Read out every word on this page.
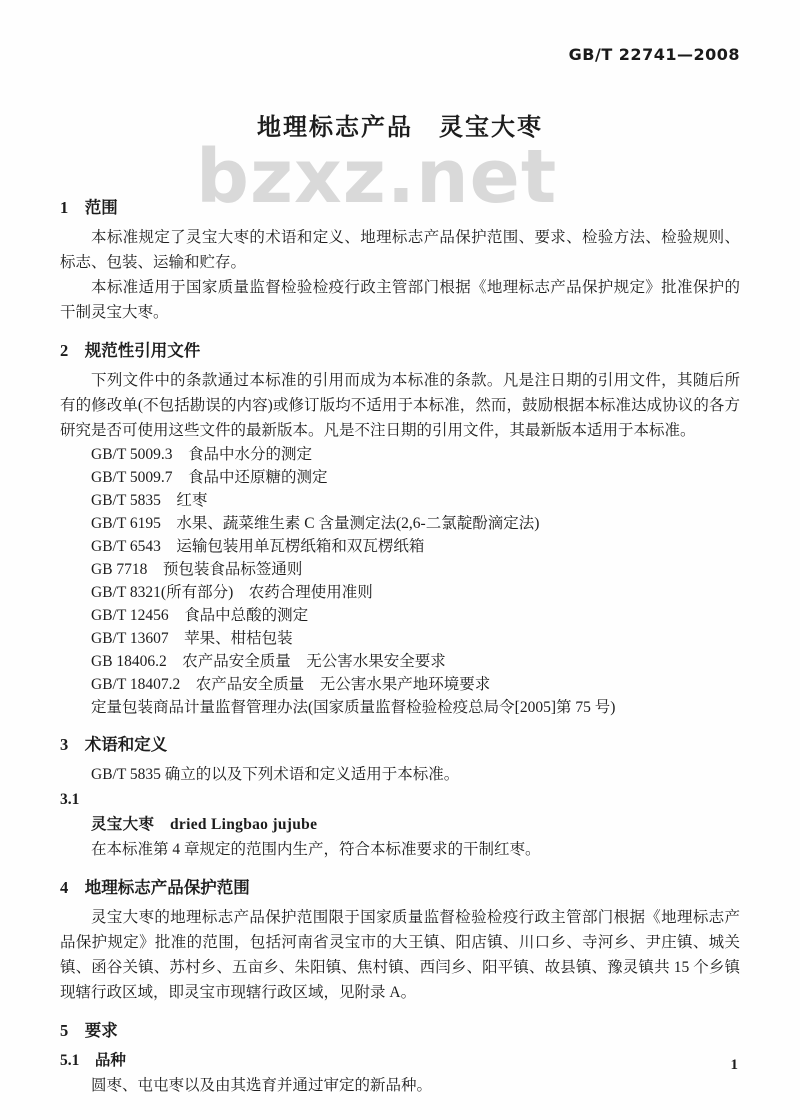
bzxz.net
GB/T 22741—2008
地理标志产品　灵宝大枣
1　范围

本标准规定了灵宝大枣的术语和定义、地理标志产品保护范围、要求、检验方法、检验规则、标志、包装、运输和贮存。

本标准适用于国家质量监督检验检疫行政主管部门根据《地理标志产品保护规定》批准保护的干制灵宝大枣。

2　规范性引用文件

下列文件中的条款通过本标准的引用而成为本标准的条款。凡是注日期的引用文件，其随后所有的修改单(不包括勘误的内容)或修订版均不适用于本标准，然而，鼓励根据本标准达成协议的各方研究是否可使用这些文件的最新版本。凡是不注日期的引用文件，其最新版本适用于本标准。

GB/T 5009.3　食品中水分的测定
GB/T 5009.7　食品中还原糖的测定
GB/T 5835　红枣
GB/T 6195　水果、蔬菜维生素 C 含量测定法(2,6-二氯靛酚滴定法)
GB/T 6543　运输包装用单瓦楞纸箱和双瓦楞纸箱
GB 7718　预包装食品标签通则
GB/T 8321(所有部分)　农药合理使用准则
GB/T 12456　食品中总酸的测定
GB/T 13607　苹果、柑桔包装
GB 18406.2　农产品安全质量　无公害水果安全要求
GB/T 18407.2　农产品安全质量　无公害水果产地环境要求
定量包装商品计量监督管理办法(国家质量监督检验检疫总局令[2005]第 75 号)
3　术语和定义

GB/T 5835 确立的以及下列术语和定义适用于本标准。

3.1

灵宝大枣　dried Lingbao jujube

在本标准第 4 章规定的范围内生产，符合本标准要求的干制红枣。

4　地理标志产品保护范围

灵宝大枣的地理标志产品保护范围限于国家质量监督检验检疫行政主管部门根据《地理标志产品保护规定》批准的范围，包括河南省灵宝市的大王镇、阳店镇、川口乡、寺河乡、尹庄镇、城关镇、函谷关镇、苏村乡、五亩乡、朱阳镇、焦村镇、西闫乡、阳平镇、故县镇、豫灵镇共 15 个乡镇现辖行政区域，即灵宝市现辖行政区域，见附录 A。

5　要求
5.1　品种

圆枣、屯屯枣以及由其选育并通过审定的新品种。

1
